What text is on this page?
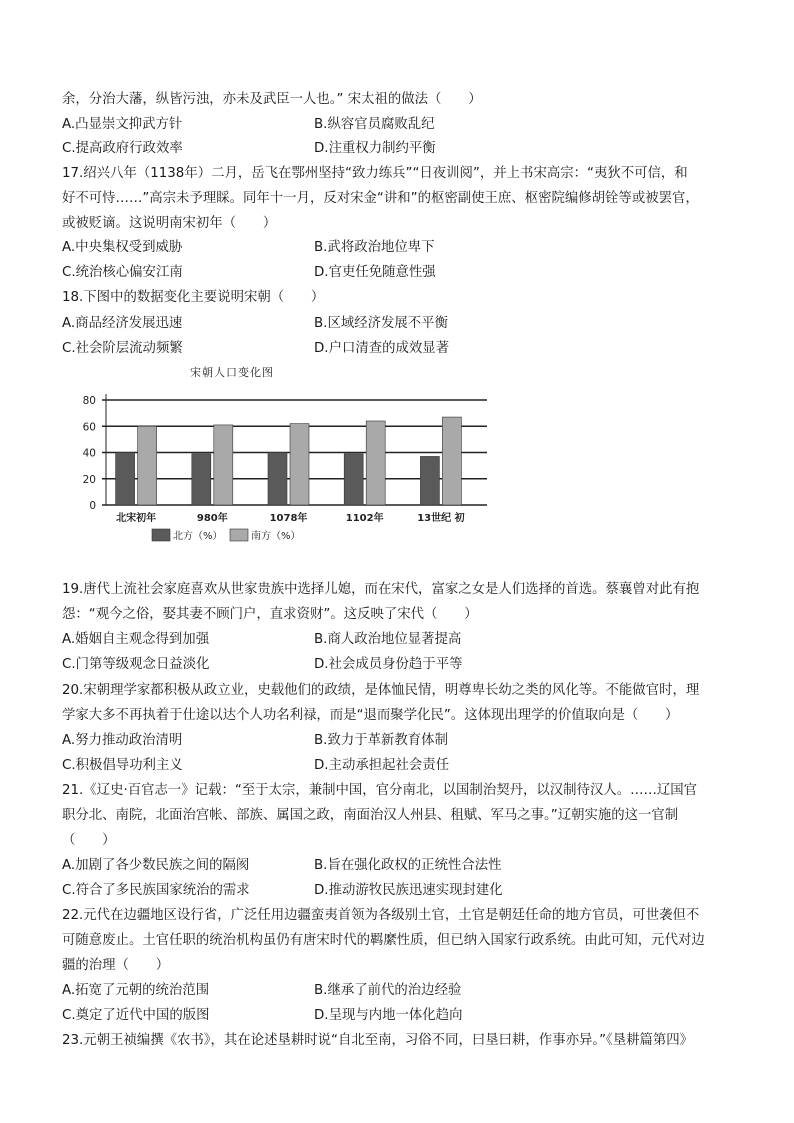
余，分治大藩，纵皆污浊，亦未及武臣一人也。” 宋太祖的做法（　　）
A.凸显崇文抑武方针	B.纵容官员腐败乱纪
C.提高政府行政效率	D.注重权力制约平衡
17.绍兴八年（1138年）二月，岳飞在鄂州坚持“致力练兵”“日夜训阅”，并上书宋高宗：“夷狄不可信，和
好不可恃……”高宗未予理睬。同年十一月，反对宋金“讲和”的枢密副使王庶、枢密院编修胡铨等或被罢官，
或被贬谪。这说明南宋初年（　　）
A.中央集权受到威胁	B.武将政治地位卑下
C.统治核心偏安江南	D.官吏任免随意性强
18.下图中的数据变化主要说明宋朝（　　）
A.商品经济发展迅速	B.区域经济发展不平衡
C.社会阶层流动频繁	D.户口清查的成效显著
宋朝人口变化图
0
20
40
60
80
北宋初年	980年	1078年	1102年	13世纪 初
北方（%）	南方（%）
19.唐代上流社会家庭喜欢从世家贵族中选择儿媳，而在宋代，富家之女是人们选择的首选。蔡襄曾对此有抱
怨：“观今之俗，娶其妻不顾门户，直求资财”。这反映了宋代（　　）
A.婚姻自主观念得到加强	B.商人政治地位显著提高
C.门第等级观念日益淡化	D.社会成员身份趋于平等
20.宋朝理学家都积极从政立业，史载他们的政绩，是体恤民情，明尊卑长幼之类的风化等。不能做官时，理
学家大多不再执着于仕途以达个人功名利禄，而是“退而聚学化民”。这体现出理学的价值取向是（　　）
A.努力推动政治清明	B.致力于革新教育体制
C.积极倡导功利主义	D.主动承担起社会责任
21.《辽史·百官志一》记载：“至于太宗，兼制中国，官分南北，以国制治契丹，以汉制待汉人。……辽国官
职分北、南院，北面治宫帐、部族、属国之政，南面治汉人州县、租赋、军马之事。”辽朝实施的这一官制
（　　）
A.加剧了各少数民族之间的隔阂	B.旨在强化政权的正统性合法性
C.符合了多民族国家统治的需求	D.推动游牧民族迅速实现封建化
22.元代在边疆地区设行省，广泛任用边疆蛮夷首领为各级别土官，土官是朝廷任命的地方官员，可世袭但不
可随意废止。土官任职的统治机构虽仍有唐宋时代的羁縻性质，但已纳入国家行政系统。由此可知，元代对边
疆的治理（　　）
A.拓宽了元朝的统治范围	B.继承了前代的治边经验
C.奠定了近代中国的版图	D.呈现与内地一体化趋向
23.元朝王祯编撰《农书》，其在论述垦耕时说“自北至南，习俗不同，曰垦曰耕，作事亦异。”《垦耕篇第四》
